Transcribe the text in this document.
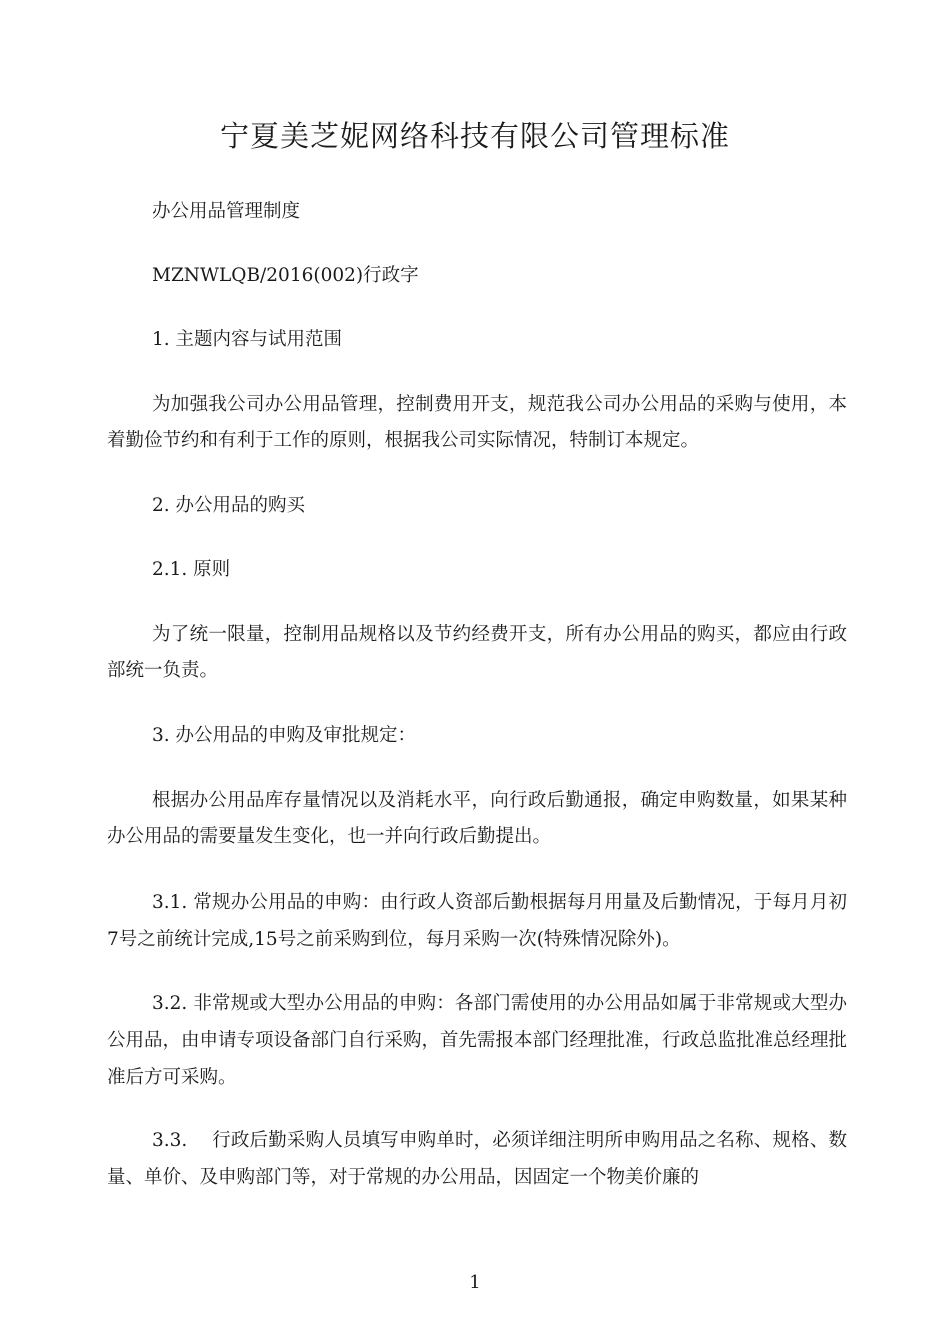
宁夏美芝妮网络科技有限公司管理标准
办公用品管理制度
MZNWLQB/2016(002)行政字
1. 主题内容与试用范围
为加强我公司办公用品管理，控制费用开支，规范我公司办公用品的采购与使用，本着勤俭节约和有利于工作的原则，根据我公司实际情况，特制订本规定。
2. 办公用品的购买
2.1. 原则
为了统一限量，控制用品规格以及节约经费开支，所有办公用品的购买，都应由行政部统一负责。
3. 办公用品的申购及审批规定：
根据办公用品库存量情况以及消耗水平，向行政后勤通报，确定申购数量，如果某种办公用品的需要量发生变化，也一并向行政后勤提出。
3.1. 常规办公用品的申购：由行政人资部后勤根据每月用量及后勤情况，于每月月初7号之前统计完成,15号之前采购到位，每月采购一次(特殊情况除外)。
3.2. 非常规或大型办公用品的申购：各部门需使用的办公用品如属于非常规或大型办公用品，由申请专项设备部门自行采购，首先需报本部门经理批准，行政总监批准总经理批准后方可采购。
3.3.　 行政后勤采购人员填写申购单时，必须详细注明所申购用品之名称、规格、数量、单价、及申购部门等，对于常规的办公用品，因固定一个物美价廉的
1
